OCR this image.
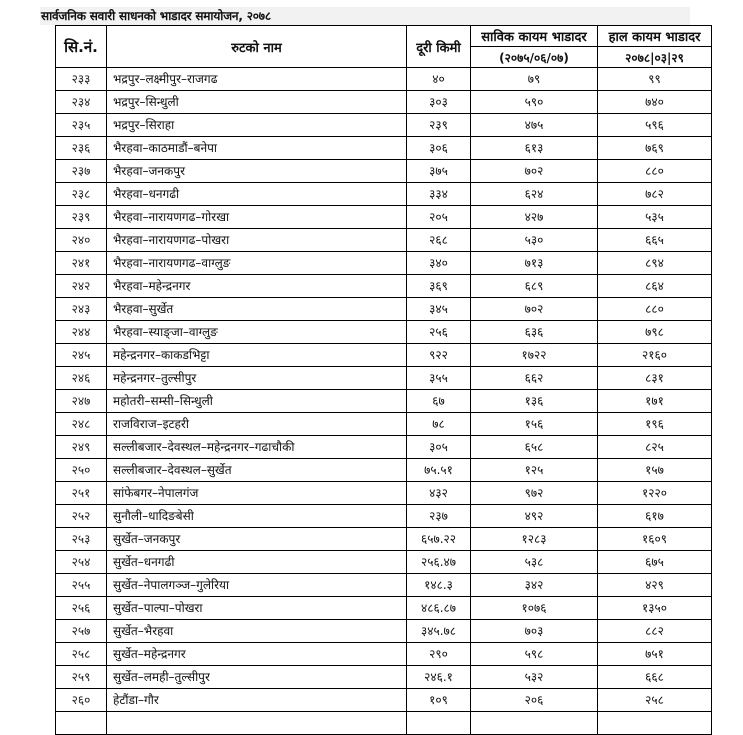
सार्वजनिक सवारी साधनको भाडादर समायोजन, २०७८
सि.नं.	रुटको नाम	दूरी किमी	साविक कायम भाडादर	हाल कायम भाडादर
			(२०७५/०६/०७)	२०७८|०३|२९
२३३	भद्रपुर–लक्ष्मीपुर–राजगढ	४०	७९	९९
२३४	भद्रपुर–सिन्धुली	३०३	५९०	७४०
२३५	भद्रपुर–सिराहा	२३९	४७५	५९६
२३६	भैरहवा–काठमाडौं–बनेपा	३०६	६१३	७६९
२३७	भैरहवा–जनकपुर	३७५	७०२	८८०
२३८	भैरहवा–धनगढी	३३४	६२४	७८२
२३९	भैरहवा–नारायणगढ–गोरखा	२०५	४२७	५३५
२४०	भैरहवा–नारायणगढ–पोखरा	२६८	५३०	६६५
२४१	भैरहवा–नारायणगढ–वाग्लुङ	३४०	७१३	८९४
२४२	भैरहवा–महेन्द्रनगर	३६९	६८९	८६४
२४३	भैरहवा–सुर्खेत	३४५	७०२	८८०
२४४	भैरहवा–स्याङ्जा–वाग्लुङ	२५६	६३६	७९८
२४५	महेन्द्रनगर–काकडभिट्टा	९२२	१७२२	२१६०
२४६	महेन्द्रनगर–तुल्सीपुर	३५५	६६२	८३१
२४७	महोतरी–सम्सी–सिन्धुली	६७	१३६	१७१
२४८	राजविराज–इटहरी	७८	१५६	१९६
२४९	सल्लीबजार–देवस्थल–महेन्द्रनगर–गढाचौकी	३०५	६५८	८२५
२५०	सल्लीबजार–देवस्थल–सुर्खेत	७५.५१	१२५	१५७
२५१	सांफेबगर–नेपालगंज	४३२	९७२	१२२०
२५२	सुनौली–धादिङबेसी	२३७	४९२	६१७
२५३	सुर्खेत–जनकपुर	६५७.२२	१२८३	१६०९
२५४	सुर्खेत–धनगढी	२५६.४७	५३८	६७५
२५५	सुर्खेत–नेपालगञ्ज–गुलेरिया	१४८.३	३४२	४२९
२५६	सुर्खेत–पाल्पा–पोखरा	४८६.८७	१०७६	१३५०
२५७	सुर्खेत–भैरहवा	३४५.७८	७०३	८८२
२५८	सुर्खेत–महेन्द्रनगर	२९०	५९८	७५१
२५९	सुर्खेत–लमही–तुल्सीपुर	२४६.१	५३२	६६८
२६०	हेटौंडा–गौर	१०९	२०६	२५८
